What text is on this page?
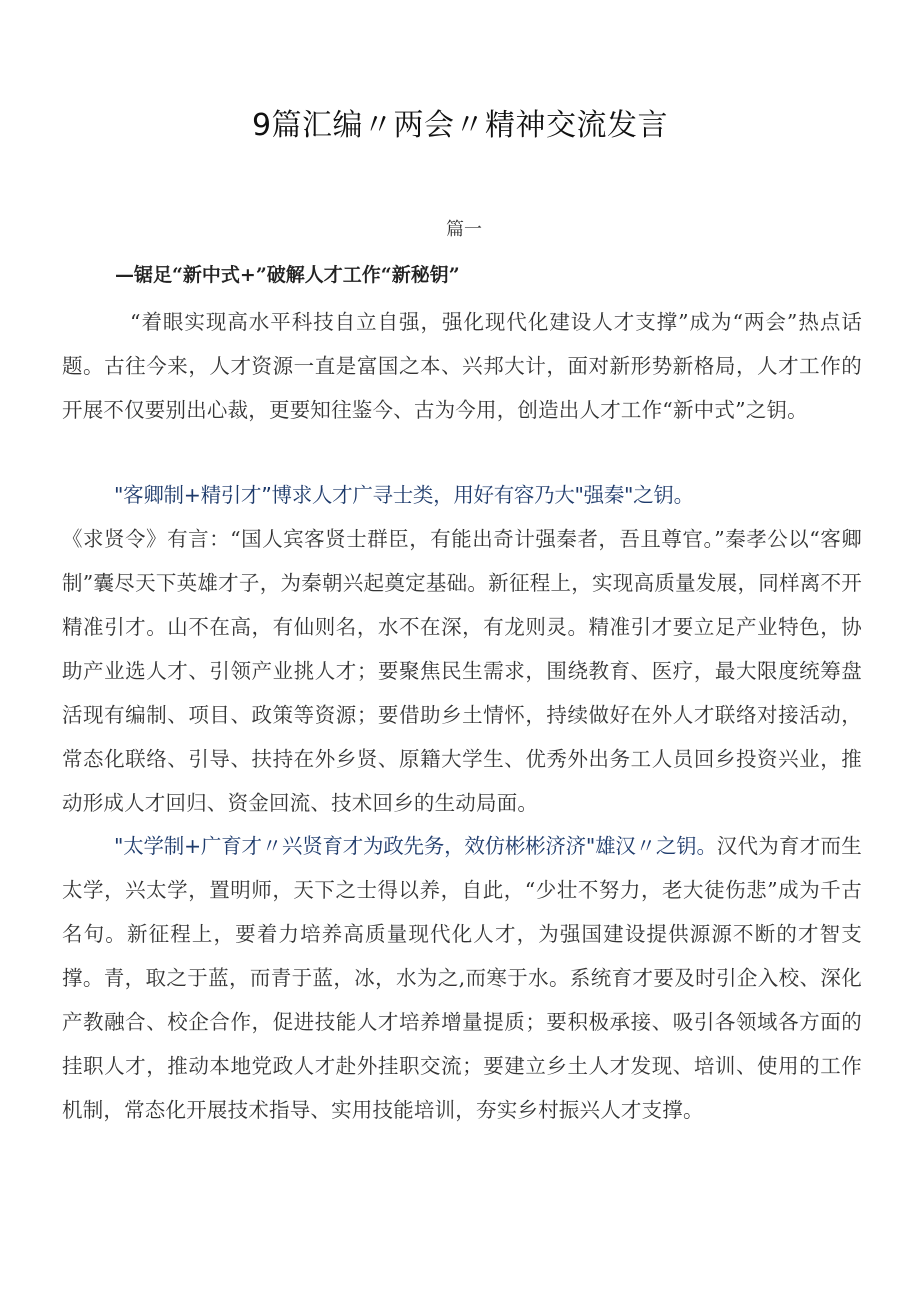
9篇汇编〃两会〃精神交流发言
篇一
—锯足“新中式+”破解人才工作“新秘钥”
“着眼实现高水平科技自立自强，强化现代化建设人才支撑”成为“两会”热点话题。古往今来，人才资源一直是富国之本、兴邦大计，面对新形势新格局，人才工作的开展不仅要别出心裁，更要知往鉴今、古为今用，创造出人才工作“新中式”之钥。
"客卿制+精引才”博求人才广寻士类，用好有容乃大"强秦"之钥。
《求贤令》有言：“国人宾客贤士群臣，有能出奇计强秦者，吾且尊官。”秦孝公以“客卿制”囊尽天下英雄才子，为秦朝兴起奠定基础。新征程上，实现高质量发展，同样离不开精准引才。山不在高，有仙则名，水不在深，有龙则灵。精准引才要立足产业特色，协助产业选人才、引领产业挑人才；要聚焦民生需求，围绕教育、医疗，最大限度统筹盘活现有编制、项目、政策等资源；要借助乡土情怀，持续做好在外人才联络对接活动，常态化联络、引导、扶持在外乡贤、原籍大学生、优秀外出务工人员回乡投资兴业，推动形成人才回归、资金回流、技术回乡的生动局面。
"太学制+广育才〃兴贤育才为政先务，效仿彬彬济济"雄汉〃之钥。汉代为育才而生太学，兴太学，置明师，天下之士得以养，自此，“少壮不努力，老大徒伤悲”成为千古名句。新征程上，要着力培养高质量现代化人才，为强国建设提供源源不断的才智支撑。青，取之于蓝，而青于蓝，冰，水为之,而寒于水。系统育才要及时引企入校、深化产教融合、校企合作，促进技能人才培养增量提质；要积极承接、吸引各领域各方面的挂职人才，推动本地党政人才赴外挂职交流；要建立乡土人才发现、培训、使用的工作机制，常态化开展技术指导、实用技能培训，夯实乡村振兴人才支撑。
